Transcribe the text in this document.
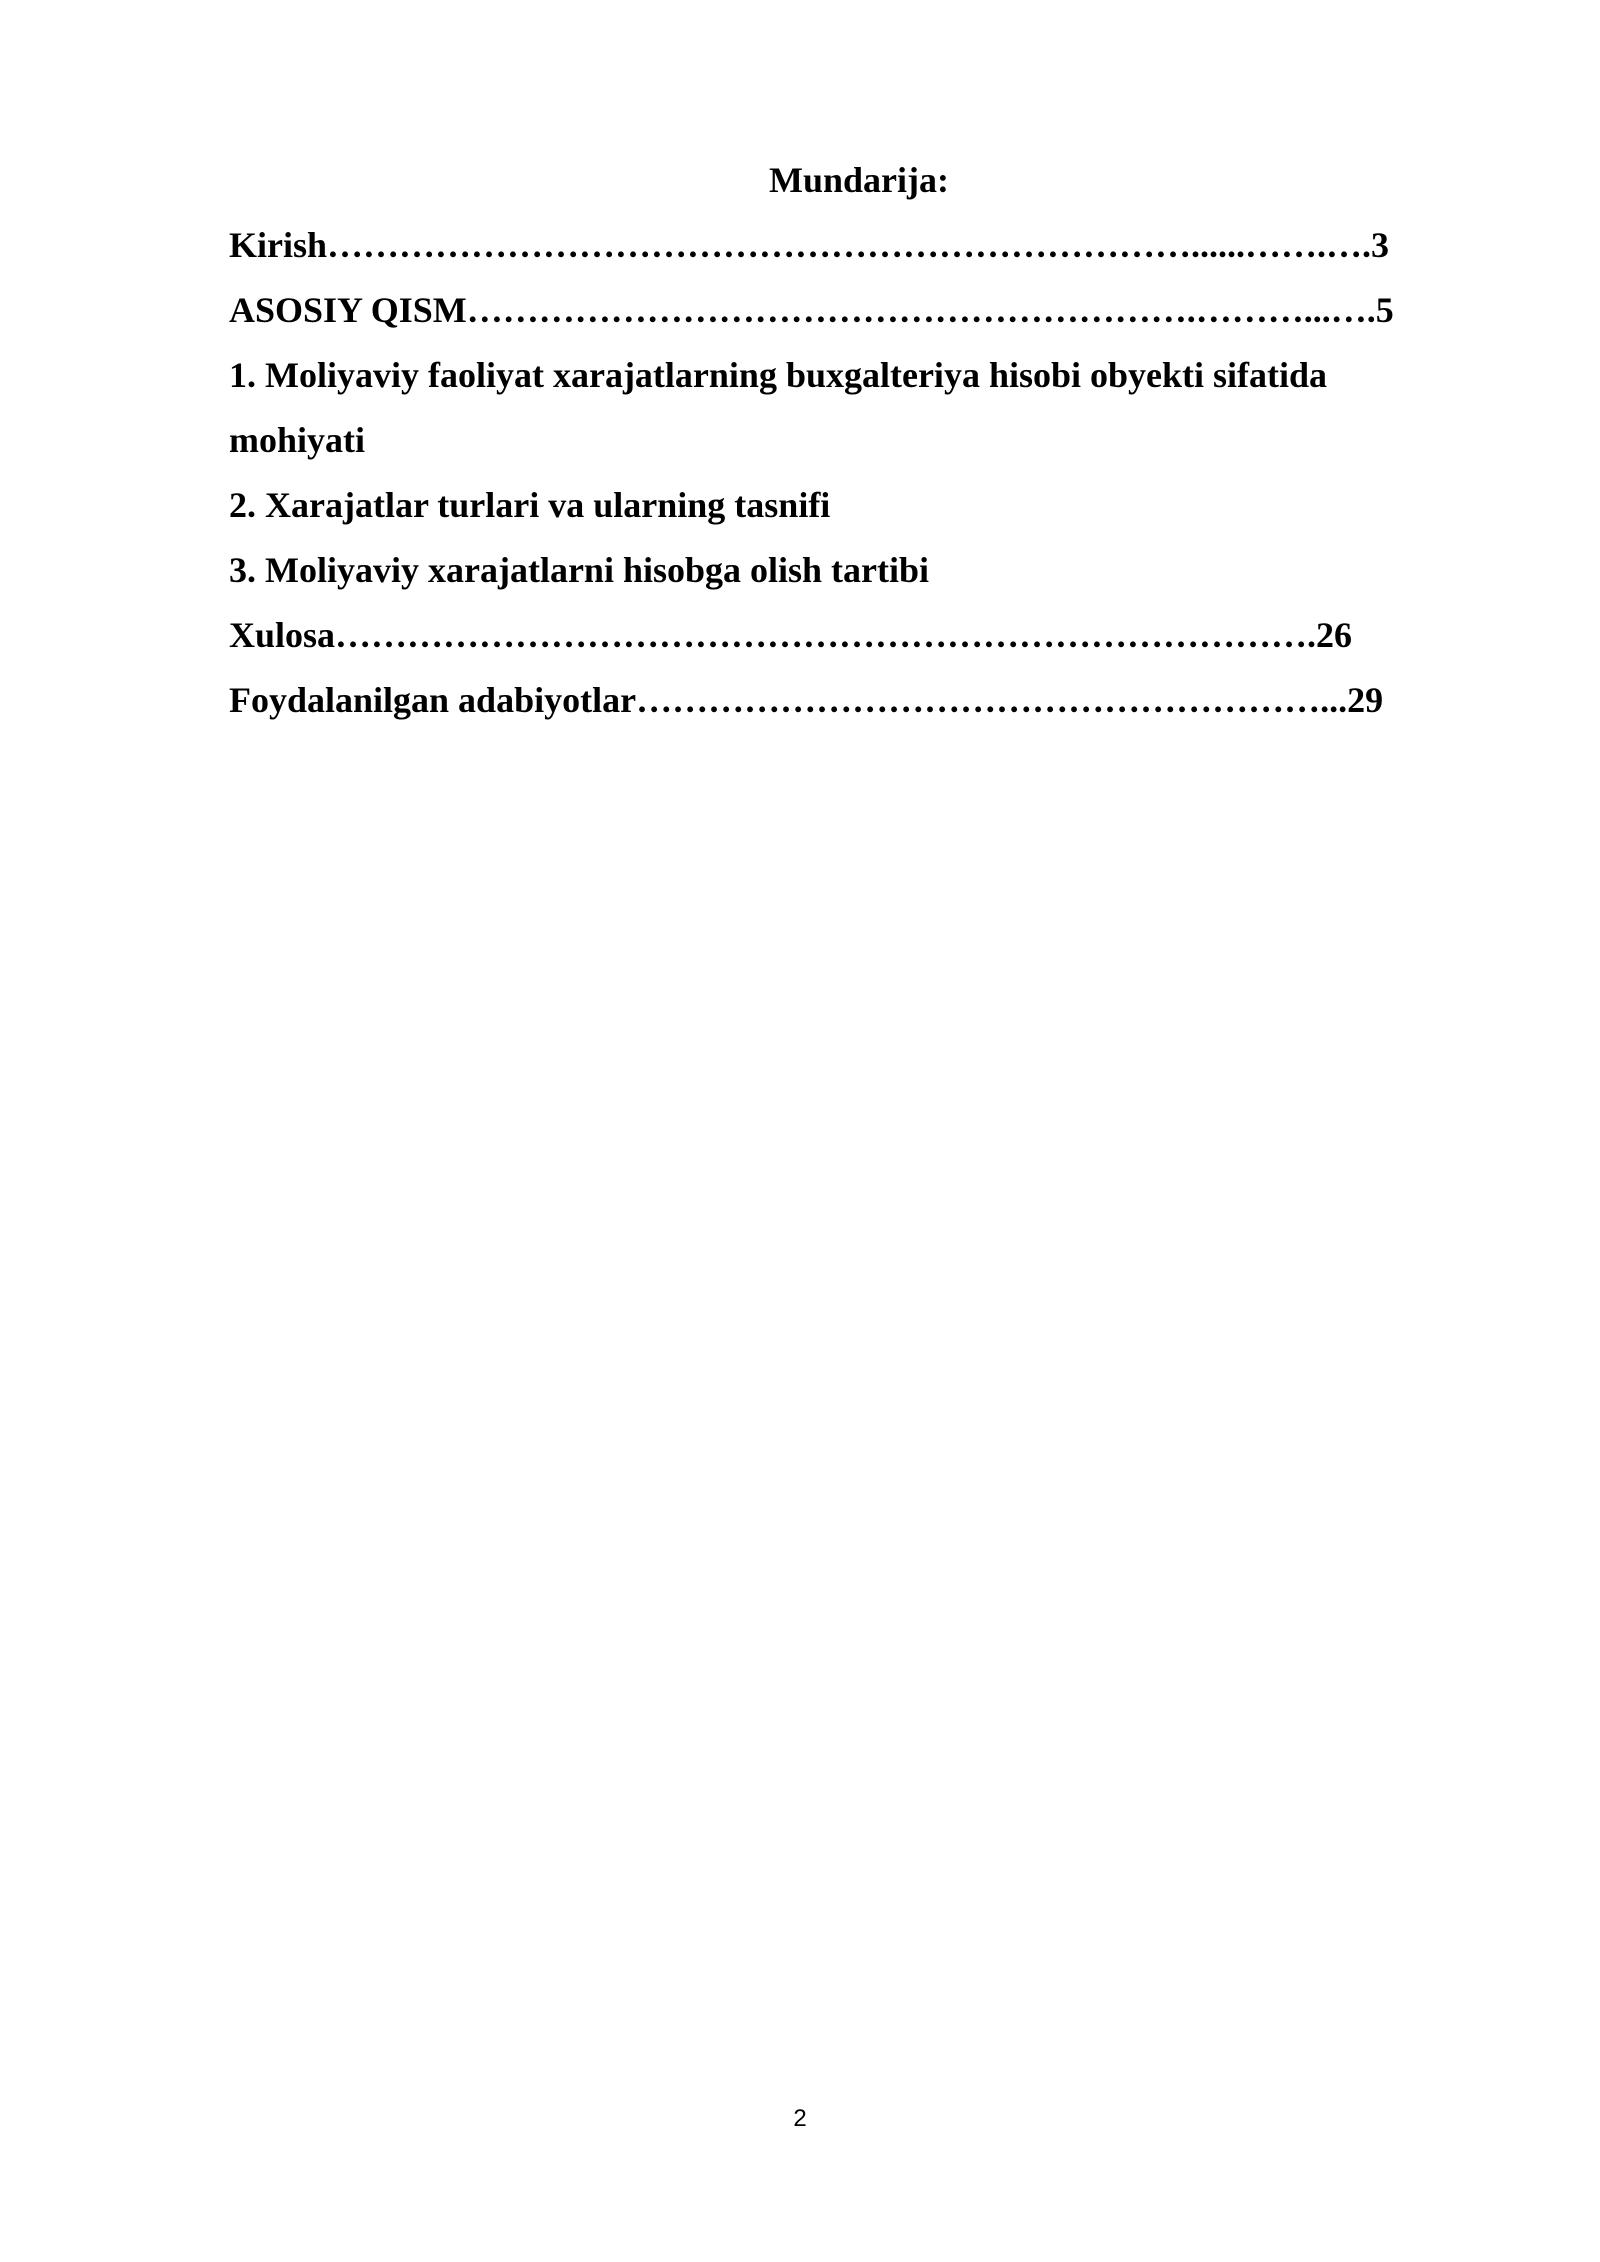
Mundarija:
Kirish………………………………………………………………......…….….3
ASOSIY QISM…………………………………………………….………...….5
1. Moliyaviy faoliyat xarajatlarning buxgalteriya hisobi obyekti sifatida
mohiyati
2. Xarajatlar turlari va ularning tasnifi
3. Moliyaviy xarajatlarni hisobga olish tartibi
Xulosa……………………………………………………………………….26
Foydalanilgan adabiyotlar…………………………………………………...29
2
